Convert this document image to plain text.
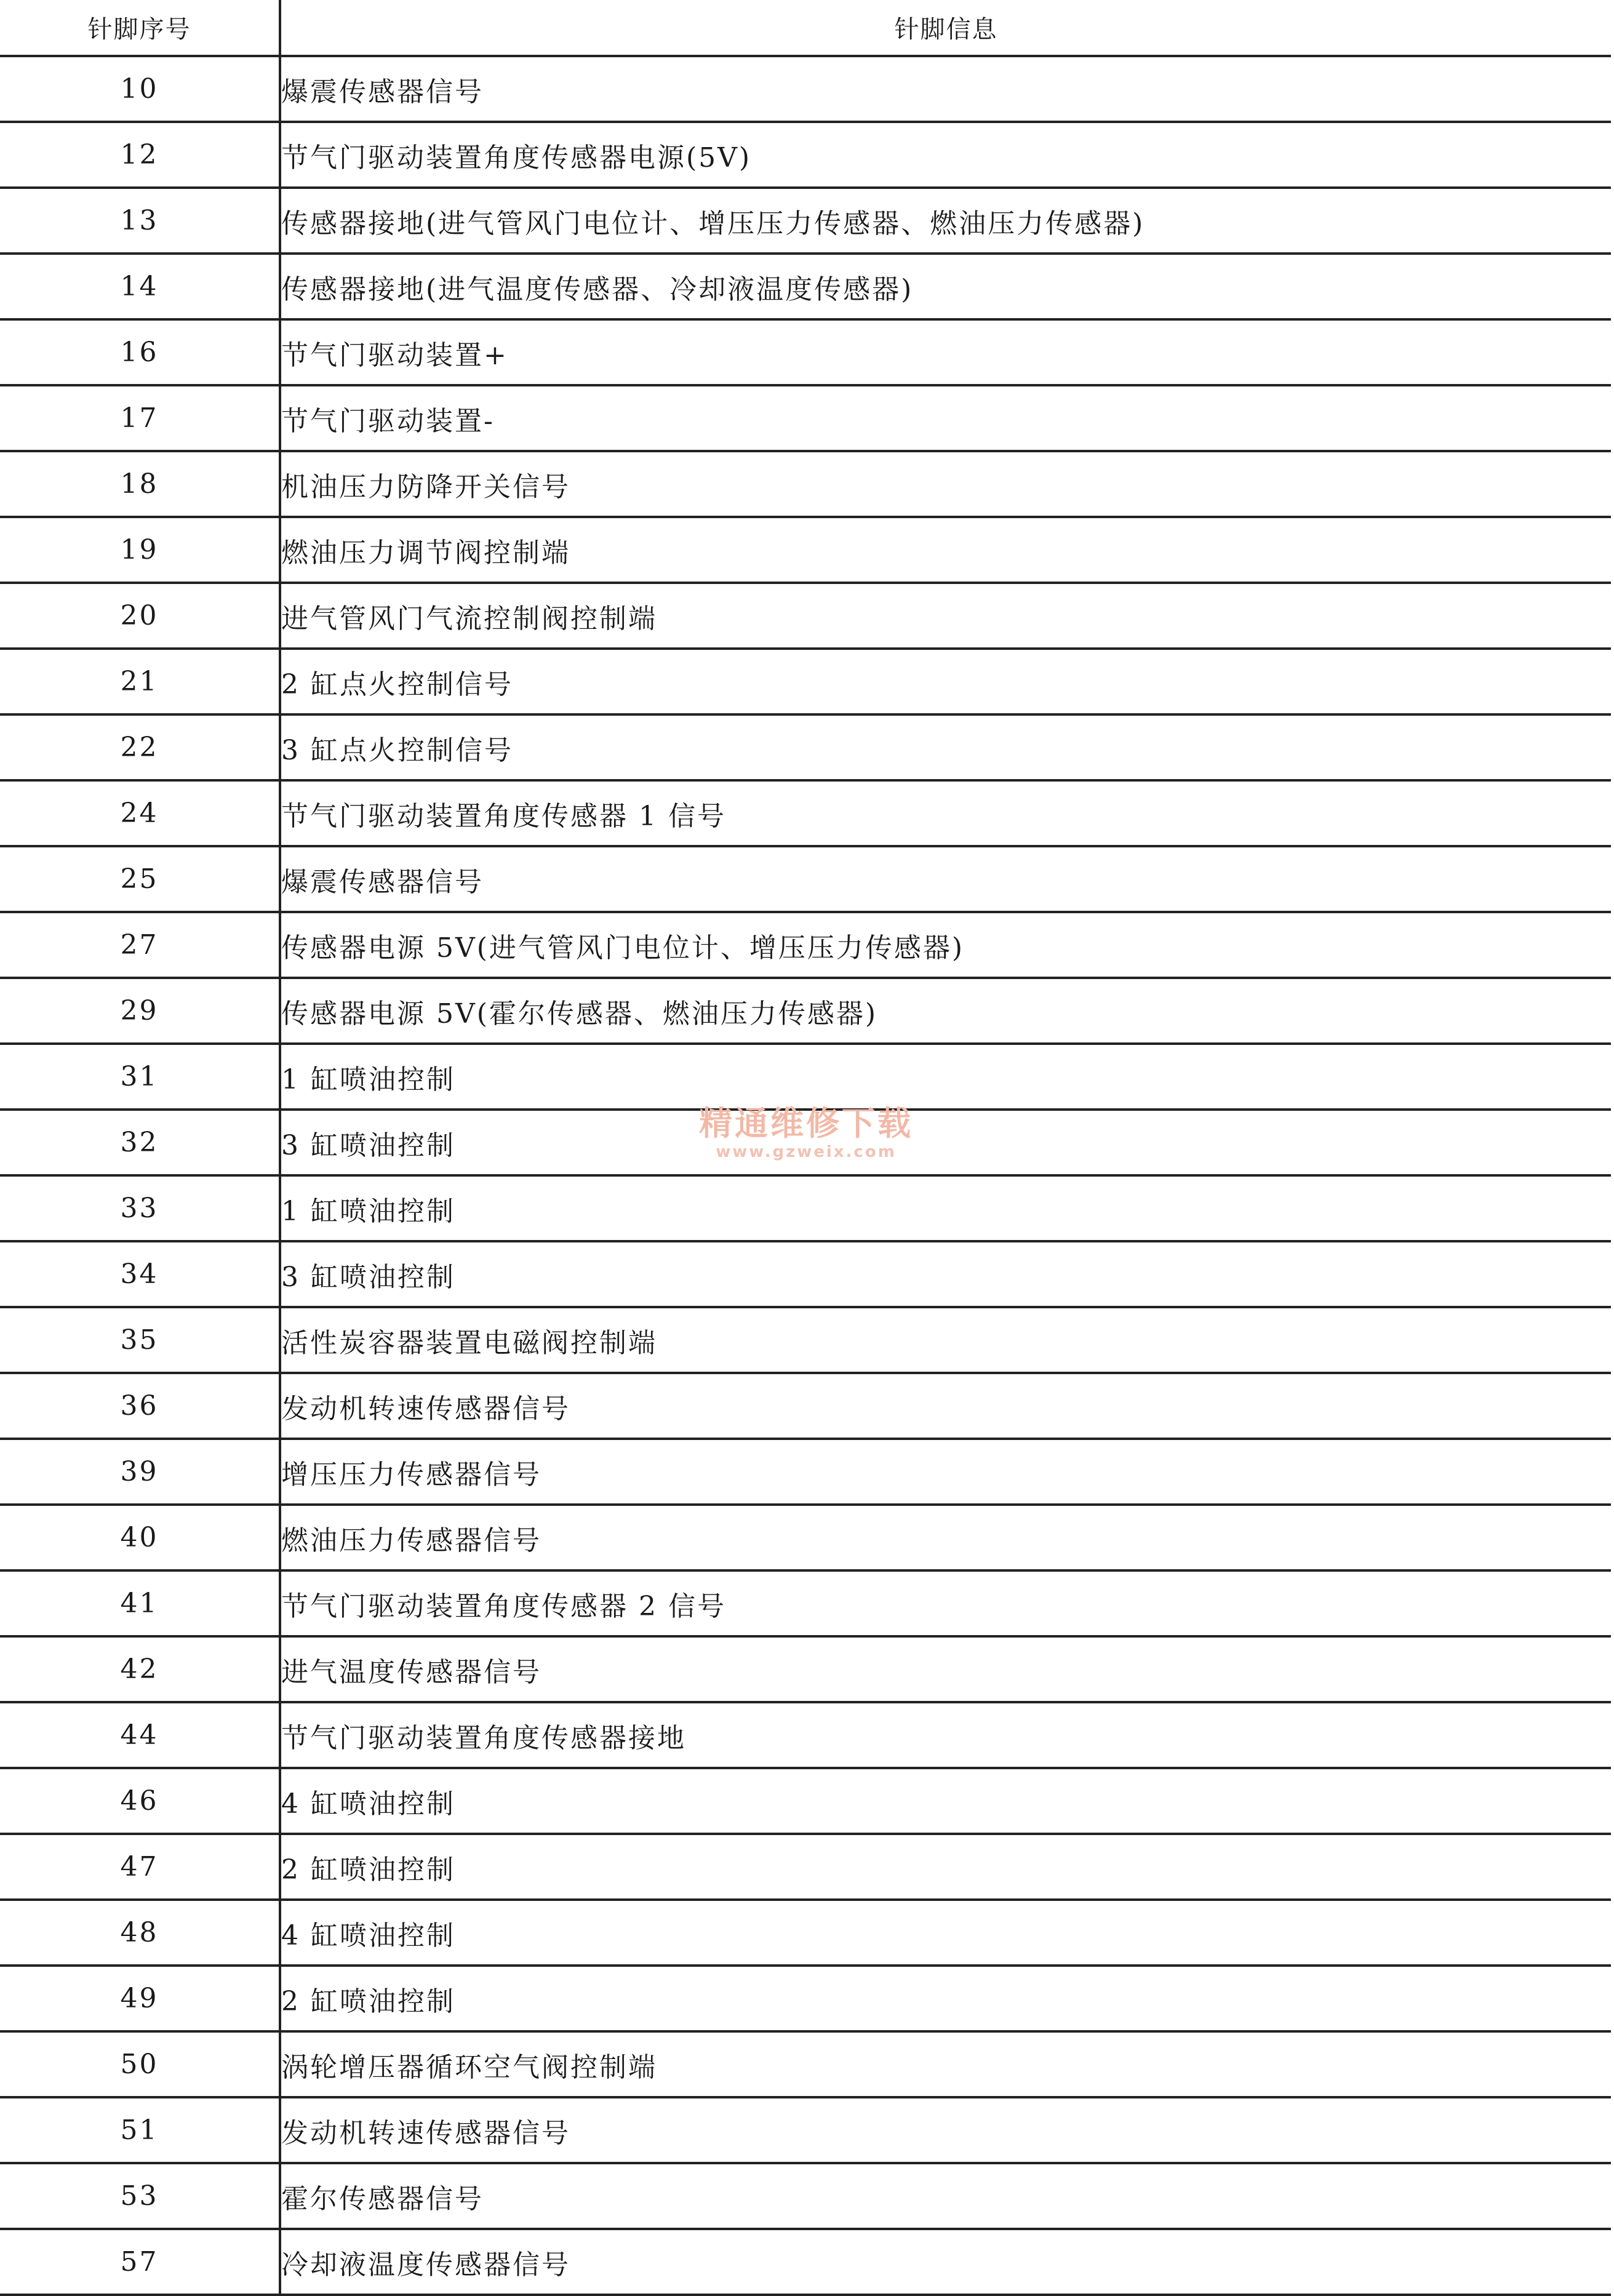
针脚序号	针脚信息
10	爆震传感器信号
12	节气门驱动装置角度传感器电源(5V)
13	传感器接地(进气管风门电位计、增压压力传感器、燃油压力传感器)
14	传感器接地(进气温度传感器、冷却液温度传感器)
16	节气门驱动装置+
17	节气门驱动装置-
18	机油压力防降开关信号
19	燃油压力调节阀控制端
20	进气管风门气流控制阀控制端
21	2 缸点火控制信号
22	3 缸点火控制信号
24	节气门驱动装置角度传感器 1 信号
25	爆震传感器信号
27	传感器电源 5V(进气管风门电位计、增压压力传感器)
29	传感器电源 5V(霍尔传感器、燃油压力传感器)
31	1 缸喷油控制
32	3 缸喷油控制
33	1 缸喷油控制
34	3 缸喷油控制
35	活性炭容器装置电磁阀控制端
36	发动机转速传感器信号
39	增压压力传感器信号
40	燃油压力传感器信号
41	节气门驱动装置角度传感器 2 信号
42	进气温度传感器信号
44	节气门驱动装置角度传感器接地
46	4 缸喷油控制
47	2 缸喷油控制
48	4 缸喷油控制
49	2 缸喷油控制
50	涡轮增压器循环空气阀控制端
51	发动机转速传感器信号
53	霍尔传感器信号
57	冷却液温度传感器信号
精通维修下载
www.gzweix.com
